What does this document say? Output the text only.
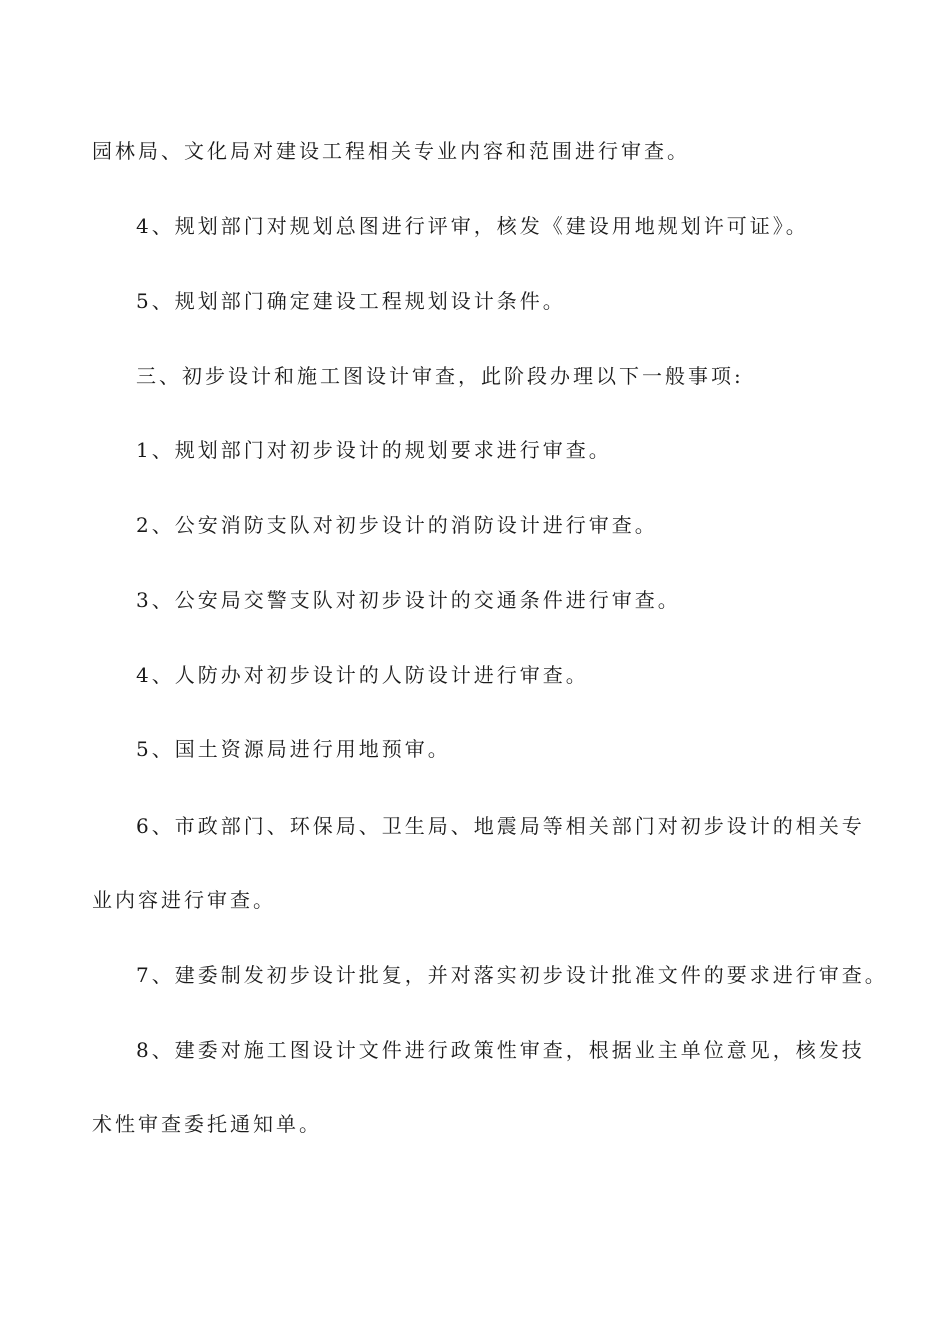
园林局、文化局对建设工程相关专业内容和范围进行审查。
4、规划部门对规划总图进行评审，核发《建设用地规划许可证》。
5、规划部门确定建设工程规划设计条件。
三、初步设计和施工图设计审查，此阶段办理以下一般事项:
1、规划部门对初步设计的规划要求进行审查。
2、公安消防支队对初步设计的消防设计进行审查。
3、公安局交警支队对初步设计的交通条件进行审查。
4、人防办对初步设计的人防设计进行审查。
5、国土资源局进行用地预审。
6、市政部门、环保局、卫生局、地震局等相关部门对初步设计的相关专
业内容进行审查。
7、建委制发初步设计批复，并对落实初步设计批准文件的要求进行审查。
8、建委对施工图设计文件进行政策性审查，根据业主单位意见，核发技
术性审查委托通知单。
